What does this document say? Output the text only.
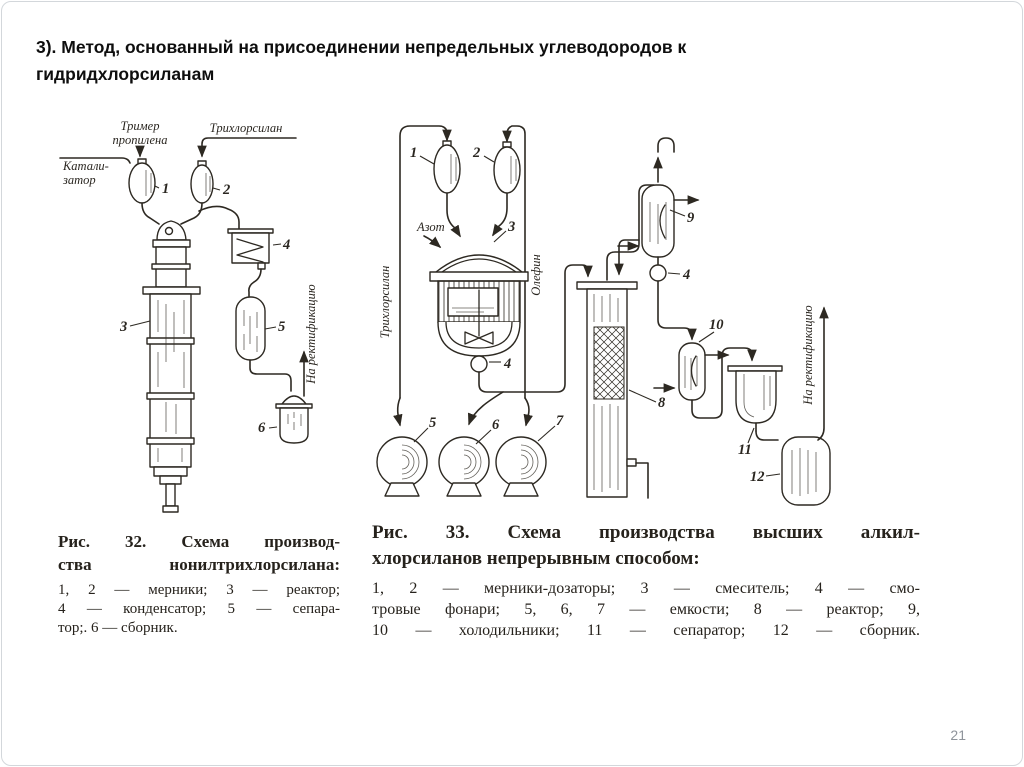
3). Метод, основанный на присоединении непредельных углеводородов к гидридхлорсиланам
Тример
пропилена
Трихлорсилан
Катали-
затор
На ректификацию
1	2
3
4
5
6
Рис. 32. Схема производ-
ства нонилтрихлорсилана:
1, 2 — мерники; 3 — реактор;
4 — конденсатор; 5 — сепара-
тор;. 6 — сборник.
Трихлорсилан	Олефин
Азот
На ректификацию
1	2
3
4
4
5	6	7
8
9
10
11
12
Рис. 33. Схема производства высших алкил-
хлорсиланов непрерывным способом:
1, 2 — мерники-дозаторы; 3 — смеситель; 4 — смо-
тровые фонари; 5, 6, 7 — емкости; 8 — реактор; 9,
10 — холодильники; 11 — сепаратор; 12 — сборник.
21
